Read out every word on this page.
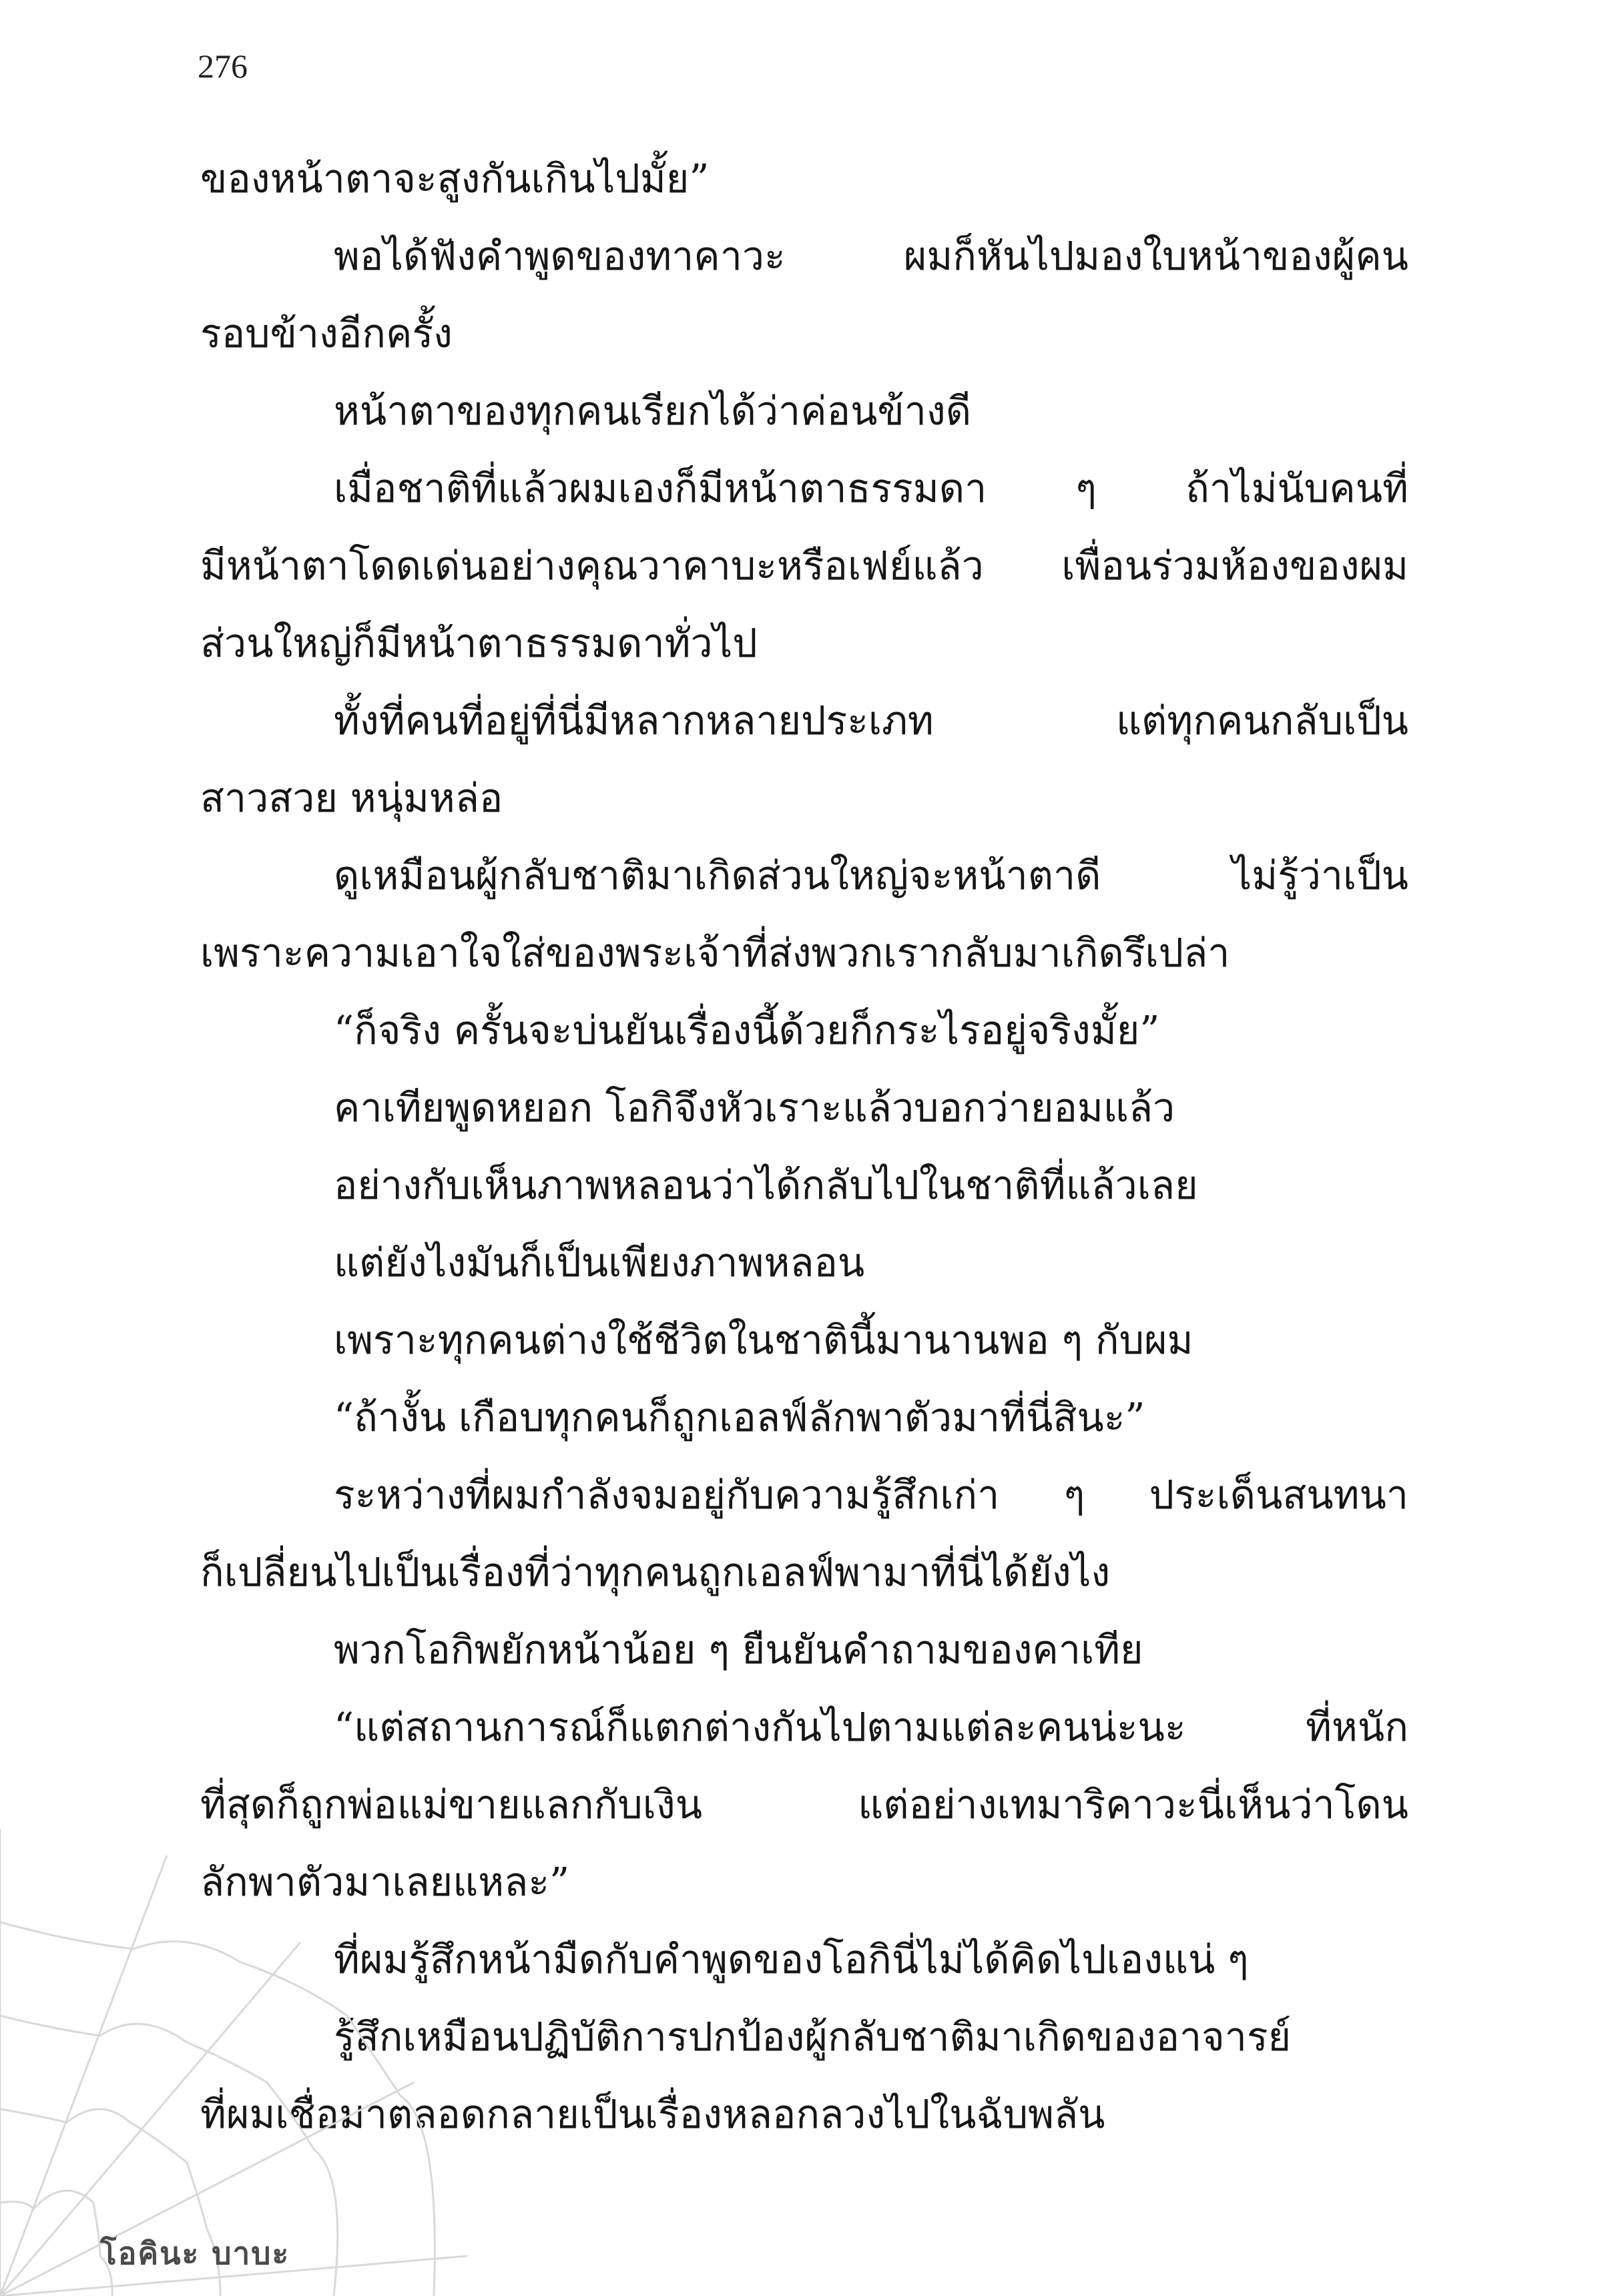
276
ของหน้าตาจะสูงกันเกินไปมั้ย”
พอได้ฟังคำพูดของทาคาวะ ผมก็หันไปมองใบหน้าของผู้คน
รอบข้างอีกครั้ง
หน้าตาของทุกคนเรียกได้ว่าค่อนข้างดี
เมื่อชาติที่แล้วผมเองก็มีหน้าตาธรรมดา ๆ ถ้าไม่นับคนที่
มีหน้าตาโดดเด่นอย่างคุณวาคาบะหรือเฟย์แล้ว เพื่อนร่วมห้องของผม
ส่วนใหญ่ก็มีหน้าตาธรรมดาทั่วไป
ทั้งที่คนที่อยู่ที่นี่มีหลากหลายประเภท แต่ทุกคนกลับเป็น
สาวสวย หนุ่มหล่อ
ดูเหมือนผู้กลับชาติมาเกิดส่วนใหญ่จะหน้าตาดี ไม่รู้ว่าเป็น
เพราะความเอาใจใส่ของพระเจ้าที่ส่งพวกเรากลับมาเกิดรึเปล่า
“ก็จริง ครั้นจะบ่นยันเรื่องนี้ด้วยก็กระไรอยู่จริงมั้ย”
คาเทียพูดหยอก โอกิจึงหัวเราะแล้วบอกว่ายอมแล้ว
อย่างกับเห็นภาพหลอนว่าได้กลับไปในชาติที่แล้วเลย
แต่ยังไงมันก็เป็นเพียงภาพหลอน
เพราะทุกคนต่างใช้ชีวิตในชาตินี้มานานพอ ๆ กับผม
“ถ้างั้น เกือบทุกคนก็ถูกเอลฟ์ลักพาตัวมาที่นี่สินะ”
ระหว่างที่ผมกำลังจมอยู่กับความรู้สึกเก่า ๆ ประเด็นสนทนา
ก็เปลี่ยนไปเป็นเรื่องที่ว่าทุกคนถูกเอลฟ์พามาที่นี่ได้ยังไง
พวกโอกิพยักหน้าน้อย ๆ ยืนยันคำถามของคาเทีย
“แต่สถานการณ์ก็แตกต่างกันไปตามแต่ละคนน่ะนะ ที่หนัก
ที่สุดก็ถูกพ่อแม่ขายแลกกับเงิน แต่อย่างเทมาริคาวะนี่เห็นว่าโดน
ลักพาตัวมาเลยแหละ”
ที่ผมรู้สึกหน้ามืดกับคำพูดของโอกินี่ไม่ได้คิดไปเองแน่ ๆ
รู้สึกเหมือนปฏิบัติการปกป้องผู้กลับชาติมาเกิดของอาจารย์
ที่ผมเชื่อมาตลอดกลายเป็นเรื่องหลอกลวงไปในฉับพลัน
โอคินะ บาบะ
